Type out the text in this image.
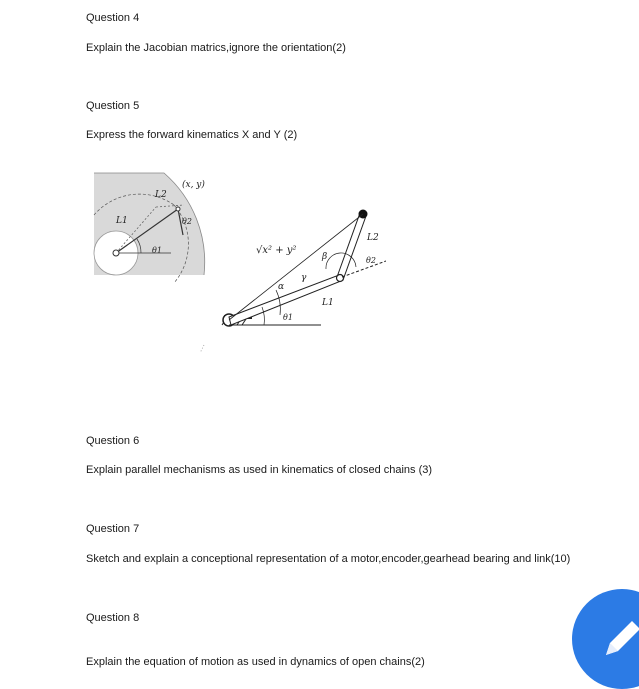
Question 4
Explain the Jacobian matrics,ignore the orientation(2)
Question 5
Express the forward kinematics X and Y (2)
(x, y)
L2
L1	θ2
θ1	√x² + y²
L2
θ2
β
γ
α
L1
θ1
Question 6
Explain parallel mechanisms as used in kinematics of closed chains (3)
Question 7
Sketch and explain a conceptional representation of a motor,encoder,gearhead bearing and link(10)
Question 8
Explain the equation of motion as used in dynamics of open chains(2)
